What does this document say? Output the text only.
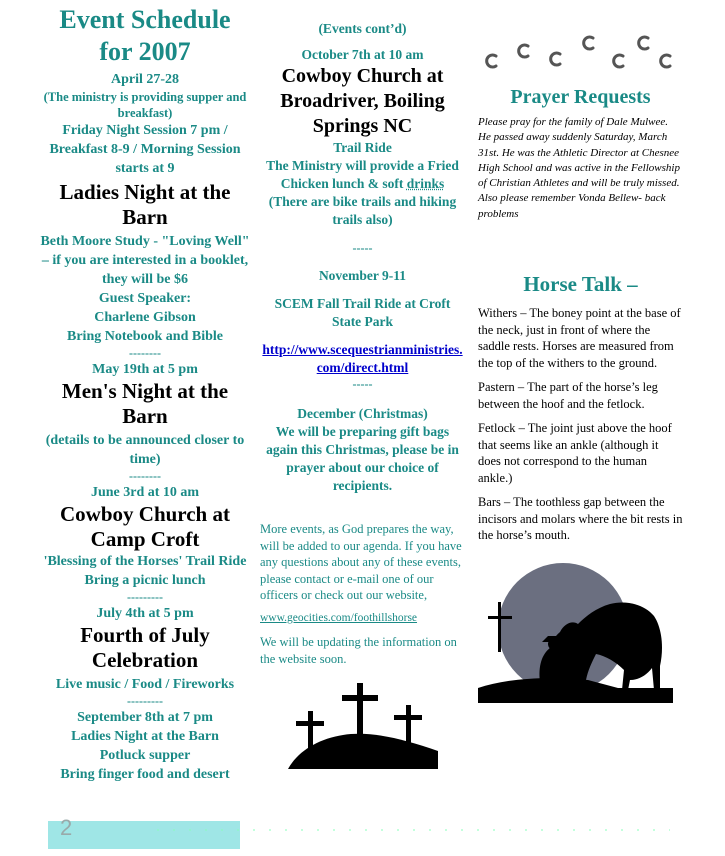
Event Schedule for 2007
April 27-28
(The ministry is providing supper and breakfast)
Friday Night Session 7 pm / Breakfast 8-9 / Morning Session starts at 9
Ladies Night at the Barn
Beth Moore Study - "Loving Well" – if you are interested in a booklet, they will be $6
Guest Speaker:
Charlene Gibson
Bring Notebook and Bible
--------
May 19th at 5 pm
Men's Night at the Barn
(details to be announced closer to time)
--------
June 3rd at 10 am
Cowboy Church at Camp Croft
'Blessing of the Horses' Trail Ride
Bring a picnic lunch
---------
July 4th at 5 pm
Fourth of July Celebration
Live music / Food / Fireworks
---------
September 8th at 7 pm
Ladies Night at the Barn
Potluck supper
Bring finger food and desert
(Events cont’d)
October 7th at 10 am
Cowboy Church at Broadriver, Boiling Springs NC
Trail Ride
The Ministry will provide a Fried Chicken lunch & soft drinks
(There are bike trails and hiking trails also)
-----
November 9-11
SCEM Fall Trail Ride at Croft State Park
http://www.scequestrianministries.com/direct.html
-----
December (Christmas)
We will be preparing gift bags again this Christmas, please be in prayer about our choice of recipients.
More events, as God prepares the way, will be added to our agenda. If you have any questions about any of these events, please contact or e-mail one of our officers or check out our website,
www.geocities.com/foothillshorse
We will be updating the information on the website soon.
Prayer Requests
Please pray for the family of Dale Mulwee. He passed away suddenly Saturday, March 31st. He was the Athletic Director at Chesnee High School and was active in the Fellowship of Christian Athletes and will be truly missed. Also please remember Vonda Bellew- back problems
Horse Talk –

Withers – The boney point at the base of the neck, just in front of where the saddle rests. Horses are measured from the top of the withers to the ground.

Pastern – The part of the horse’s leg between the hoof and the fetlock.

Fetlock – The joint just above the hoof that seems like an ankle (although it does not correspond to the human ankle.)

Bars – The toothless gap between the incisors and molars where the bit rests in the horse’s mouth.

2
